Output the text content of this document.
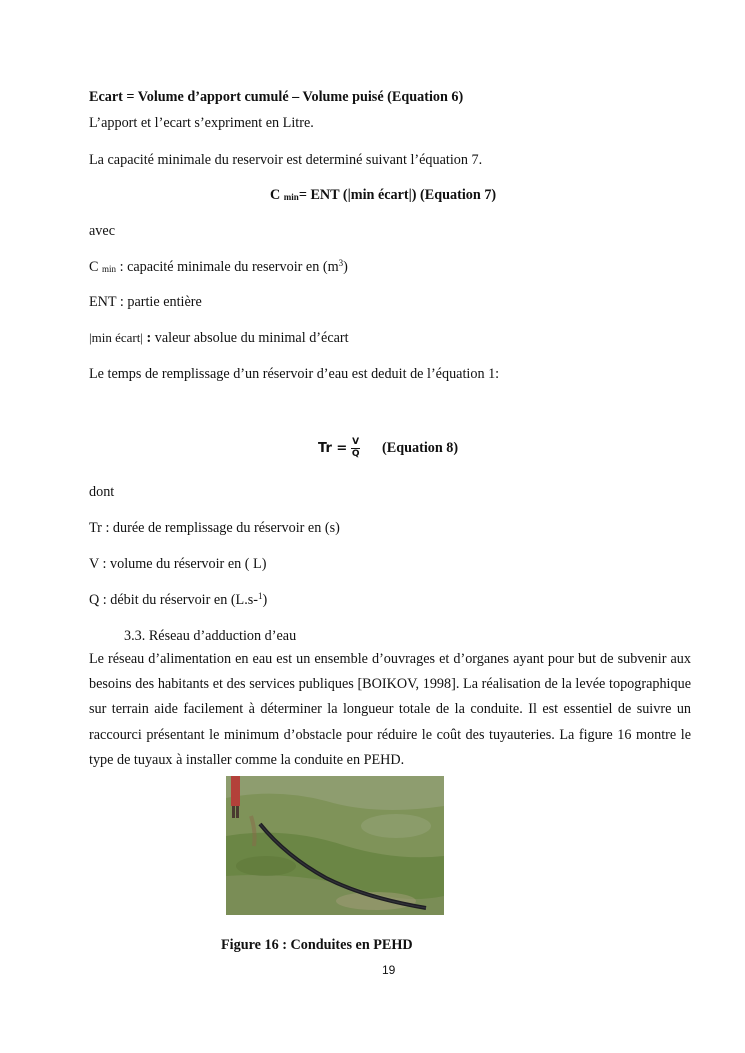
Ecart = Volume d’apport cumulé – Volume puisé (Equation 6)
L’apport et l’ecart s’expriment en Litre.
La capacité minimale du reservoir est determiné suivant l’équation 7.
C $_{min}$= ENT (|min écart|) (Equation 7)
avec
C $_{min}$ : capacité minimale du reservoir en $(m^3)$
ENT : partie entière
|min écart| : valeur absolue du minimal d’écart
Le temps de remplissage d’un réservoir d’eau est deduit de l’équation 1:
$Tr = \frac{V}{Q}$ (Equation 8)
dont
Tr : durée de remplissage du réservoir en (s)
V : volume du réservoir en ( L)
Q : débit du réservoir en (L.s-$^1$)
3.3. Réseau d’adduction d’eau
Le réseau d’alimentation en eau est un ensemble d’ouvrages et d’organes ayant pour but de subvenir aux besoins des habitants et des services publiques [BOIKOV, 1998]. La réalisation de la levée topographique sur terrain aide facilement à déterminer la longueur totale de la conduite. Il est essentiel de suivre un raccourci présentant le minimum d’obstacle pour réduire le coût des tuyauteries. La figure 16 montre le type de tuyaux à installer comme la conduite en PEHD.
Figure 16 : Conduites en PEHD
19
